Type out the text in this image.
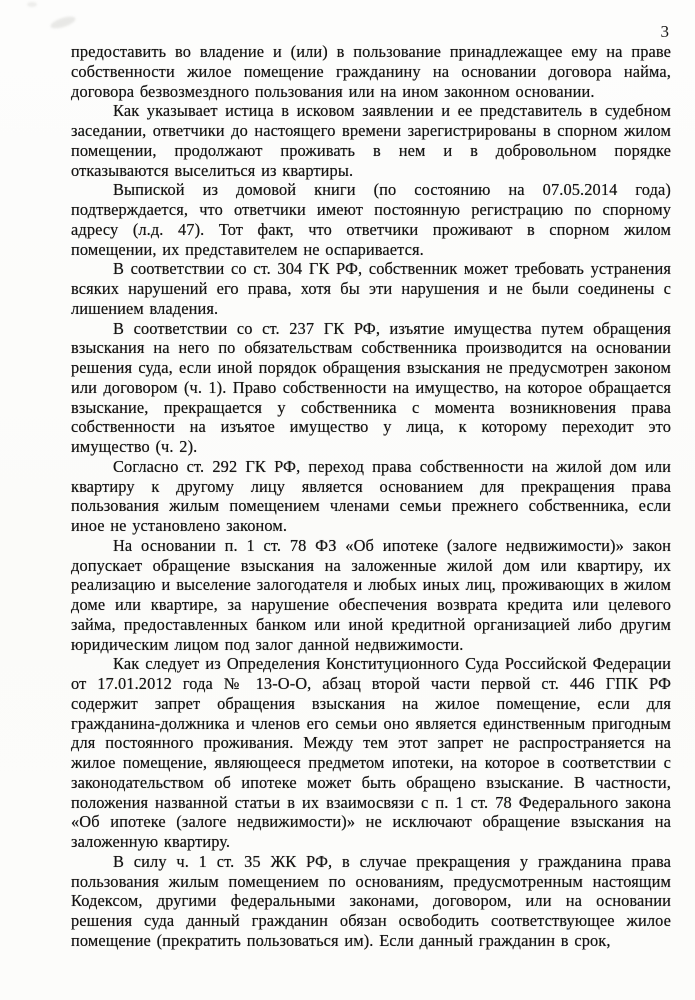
3

предоставить во владение и (или) в пользование принадлежащее ему на праве собственности жилое помещение гражданину на основании договора найма, договора безвозмездного пользования или на ином законном основании.

Как указывает истица в исковом заявлении и ее представитель в судебном заседании, ответчики до настоящего времени зарегистрированы в спорном жилом помещении, продолжают проживать в нем и в добровольном порядке отказываются выселиться из квартиры.

Выпиской из домовой книги (по состоянию на 07.05.2014 года) подтверждается, что ответчики имеют постоянную регистрацию по спорному адресу (л.д. 47). Тот факт, что ответчики проживают в спорном жилом помещении, их представителем не оспаривается.

В соответствии со ст. 304 ГК РФ, собственник может требовать устранения всяких нарушений его права, хотя бы эти нарушения и не были соединены с лишением владения.

В соответствии со ст. 237 ГК РФ, изъятие имущества путем обращения взыскания на него по обязательствам собственника производится на основании решения суда, если иной порядок обращения взыскания не предусмотрен законом или договором (ч. 1). Право собственности на имущество, на которое обращается взыскание, прекращается у собственника с момента возникновения права собственности на изъятое имущество у лица, к которому переходит это имущество (ч. 2).

Согласно ст. 292 ГК РФ, переход права собственности на жилой дом или квартиру к другому лицу является основанием для прекращения права пользования жилым помещением членами семьи прежнего собственника, если иное не установлено законом.

На основании п. 1 ст. 78 ФЗ «Об ипотеке (залоге недвижимости)» закон допускает обращение взыскания на заложенные жилой дом или квартиру, их реализацию и выселение залогодателя и любых иных лиц, проживающих в жилом доме или квартире, за нарушение обеспечения возврата кредита или целевого займа, предоставленных банком или иной кредитной организацией либо другим юридическим лицом под залог данной недвижимости.

Как следует из Определения Конституционного Суда Российской Федерации от 17.01.2012 года № 13-О-О, абзац второй части первой ст. 446 ГПК РФ содержит запрет обращения взыскания на жилое помещение, если для гражданина-должника и членов его семьи оно является единственным пригодным для постоянного проживания. Между тем этот запрет не распространяется на жилое помещение, являющееся предметом ипотеки, на которое в соответствии с законодательством об ипотеке может быть обращено взыскание. В частности, положения названной статьи в их взаимосвязи с п. 1 ст. 78 Федерального закона «Об ипотеке (залоге недвижимости)» не исключают обращение взыскания на заложенную квартиру.

В силу ч. 1 ст. 35 ЖК РФ, в случае прекращения у гражданина права пользования жилым помещением по основаниям, предусмотренным настоящим Кодексом, другими федеральными законами, договором, или на основании решения суда данный гражданин обязан освободить соответствующее жилое помещение (прекратить пользоваться им). Если данный гражданин в срок,
